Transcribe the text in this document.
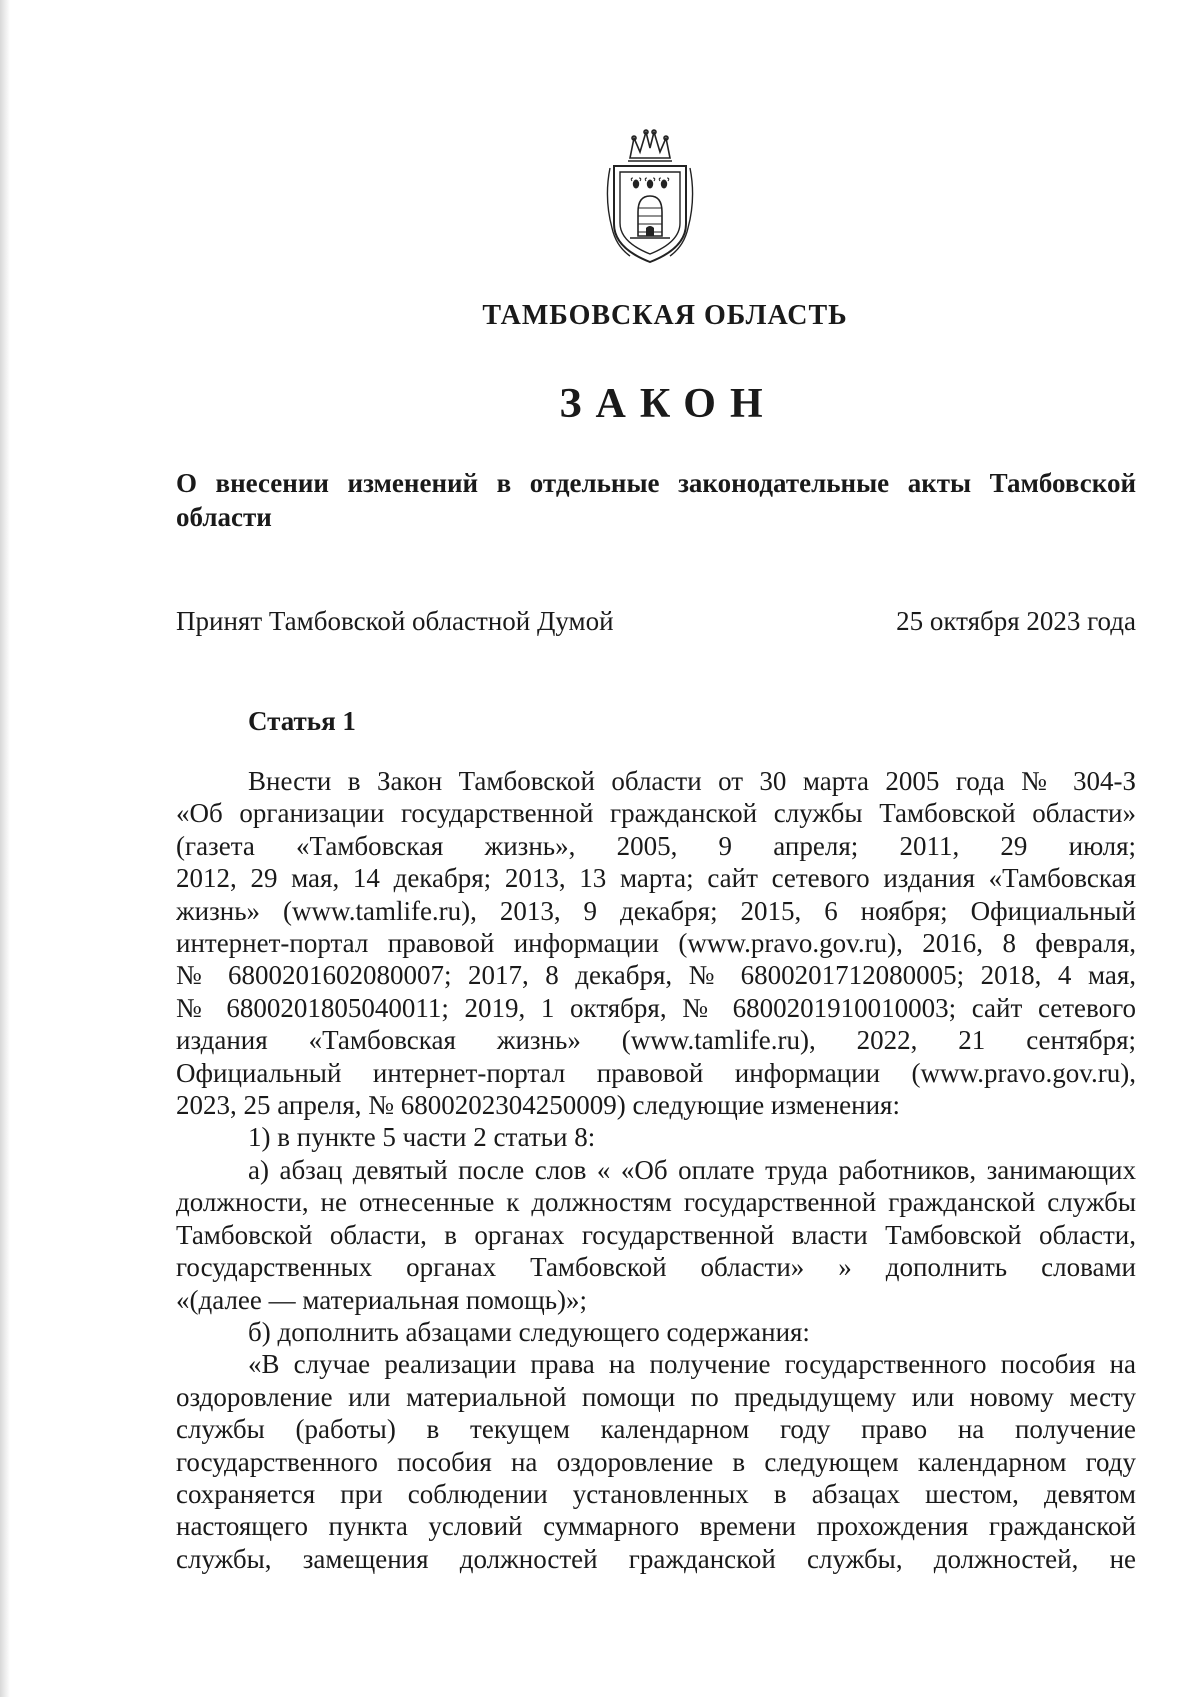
ТАМБОВСКАЯ ОБЛАСТЬ
ЗАКОН
О внесении изменений в отдельные законодательные акты Тамбовской
области
Принят Тамбовской областной Думой	25 октября 2023 года
Статья 1
Внести в Закон Тамбовской области от 30 марта 2005 года № 304-З
«Об организации государственной гражданской службы Тамбовской области»
(газета «Тамбовская жизнь», 2005, 9 апреля; 2011, 29 июля;
2012, 29 мая, 14 декабря; 2013, 13 марта; сайт сетевого издания «Тамбовская
жизнь» (www.tamlife.ru), 2013, 9 декабря; 2015, 6 ноября; Официальный
интернет-портал правовой информации (www.pravo.gov.ru), 2016, 8 февраля,
№ 6800201602080007; 2017, 8 декабря, № 6800201712080005; 2018, 4 мая,
№ 6800201805040011; 2019, 1 октября, № 6800201910010003; сайт сетевого
издания «Тамбовская жизнь» (www.tamlife.ru), 2022, 21 сентября;
Официальный интернет-портал правовой информации (www.pravo.gov.ru),
2023, 25 апреля, № 6800202304250009) следующие изменения:
1) в пункте 5 части 2 статьи 8:
а) абзац девятый после слов « «Об оплате труда работников, занимающих
должности, не отнесенные к должностям государственной гражданской службы
Тамбовской области, в органах государственной власти Тамбовской области,
государственных органах Тамбовской области» » дополнить словами
«(далее — материальная помощь)»;
б) дополнить абзацами следующего содержания:
«В случае реализации права на получение государственного пособия на
оздоровление или материальной помощи по предыдущему или новому месту
службы (работы) в текущем календарном году право на получение
государственного пособия на оздоровление в следующем календарном году
сохраняется при соблюдении установленных в абзацах шестом, девятом
настоящего пункта условий суммарного времени прохождения гражданской
службы, замещения должностей гражданской службы, должностей, не
